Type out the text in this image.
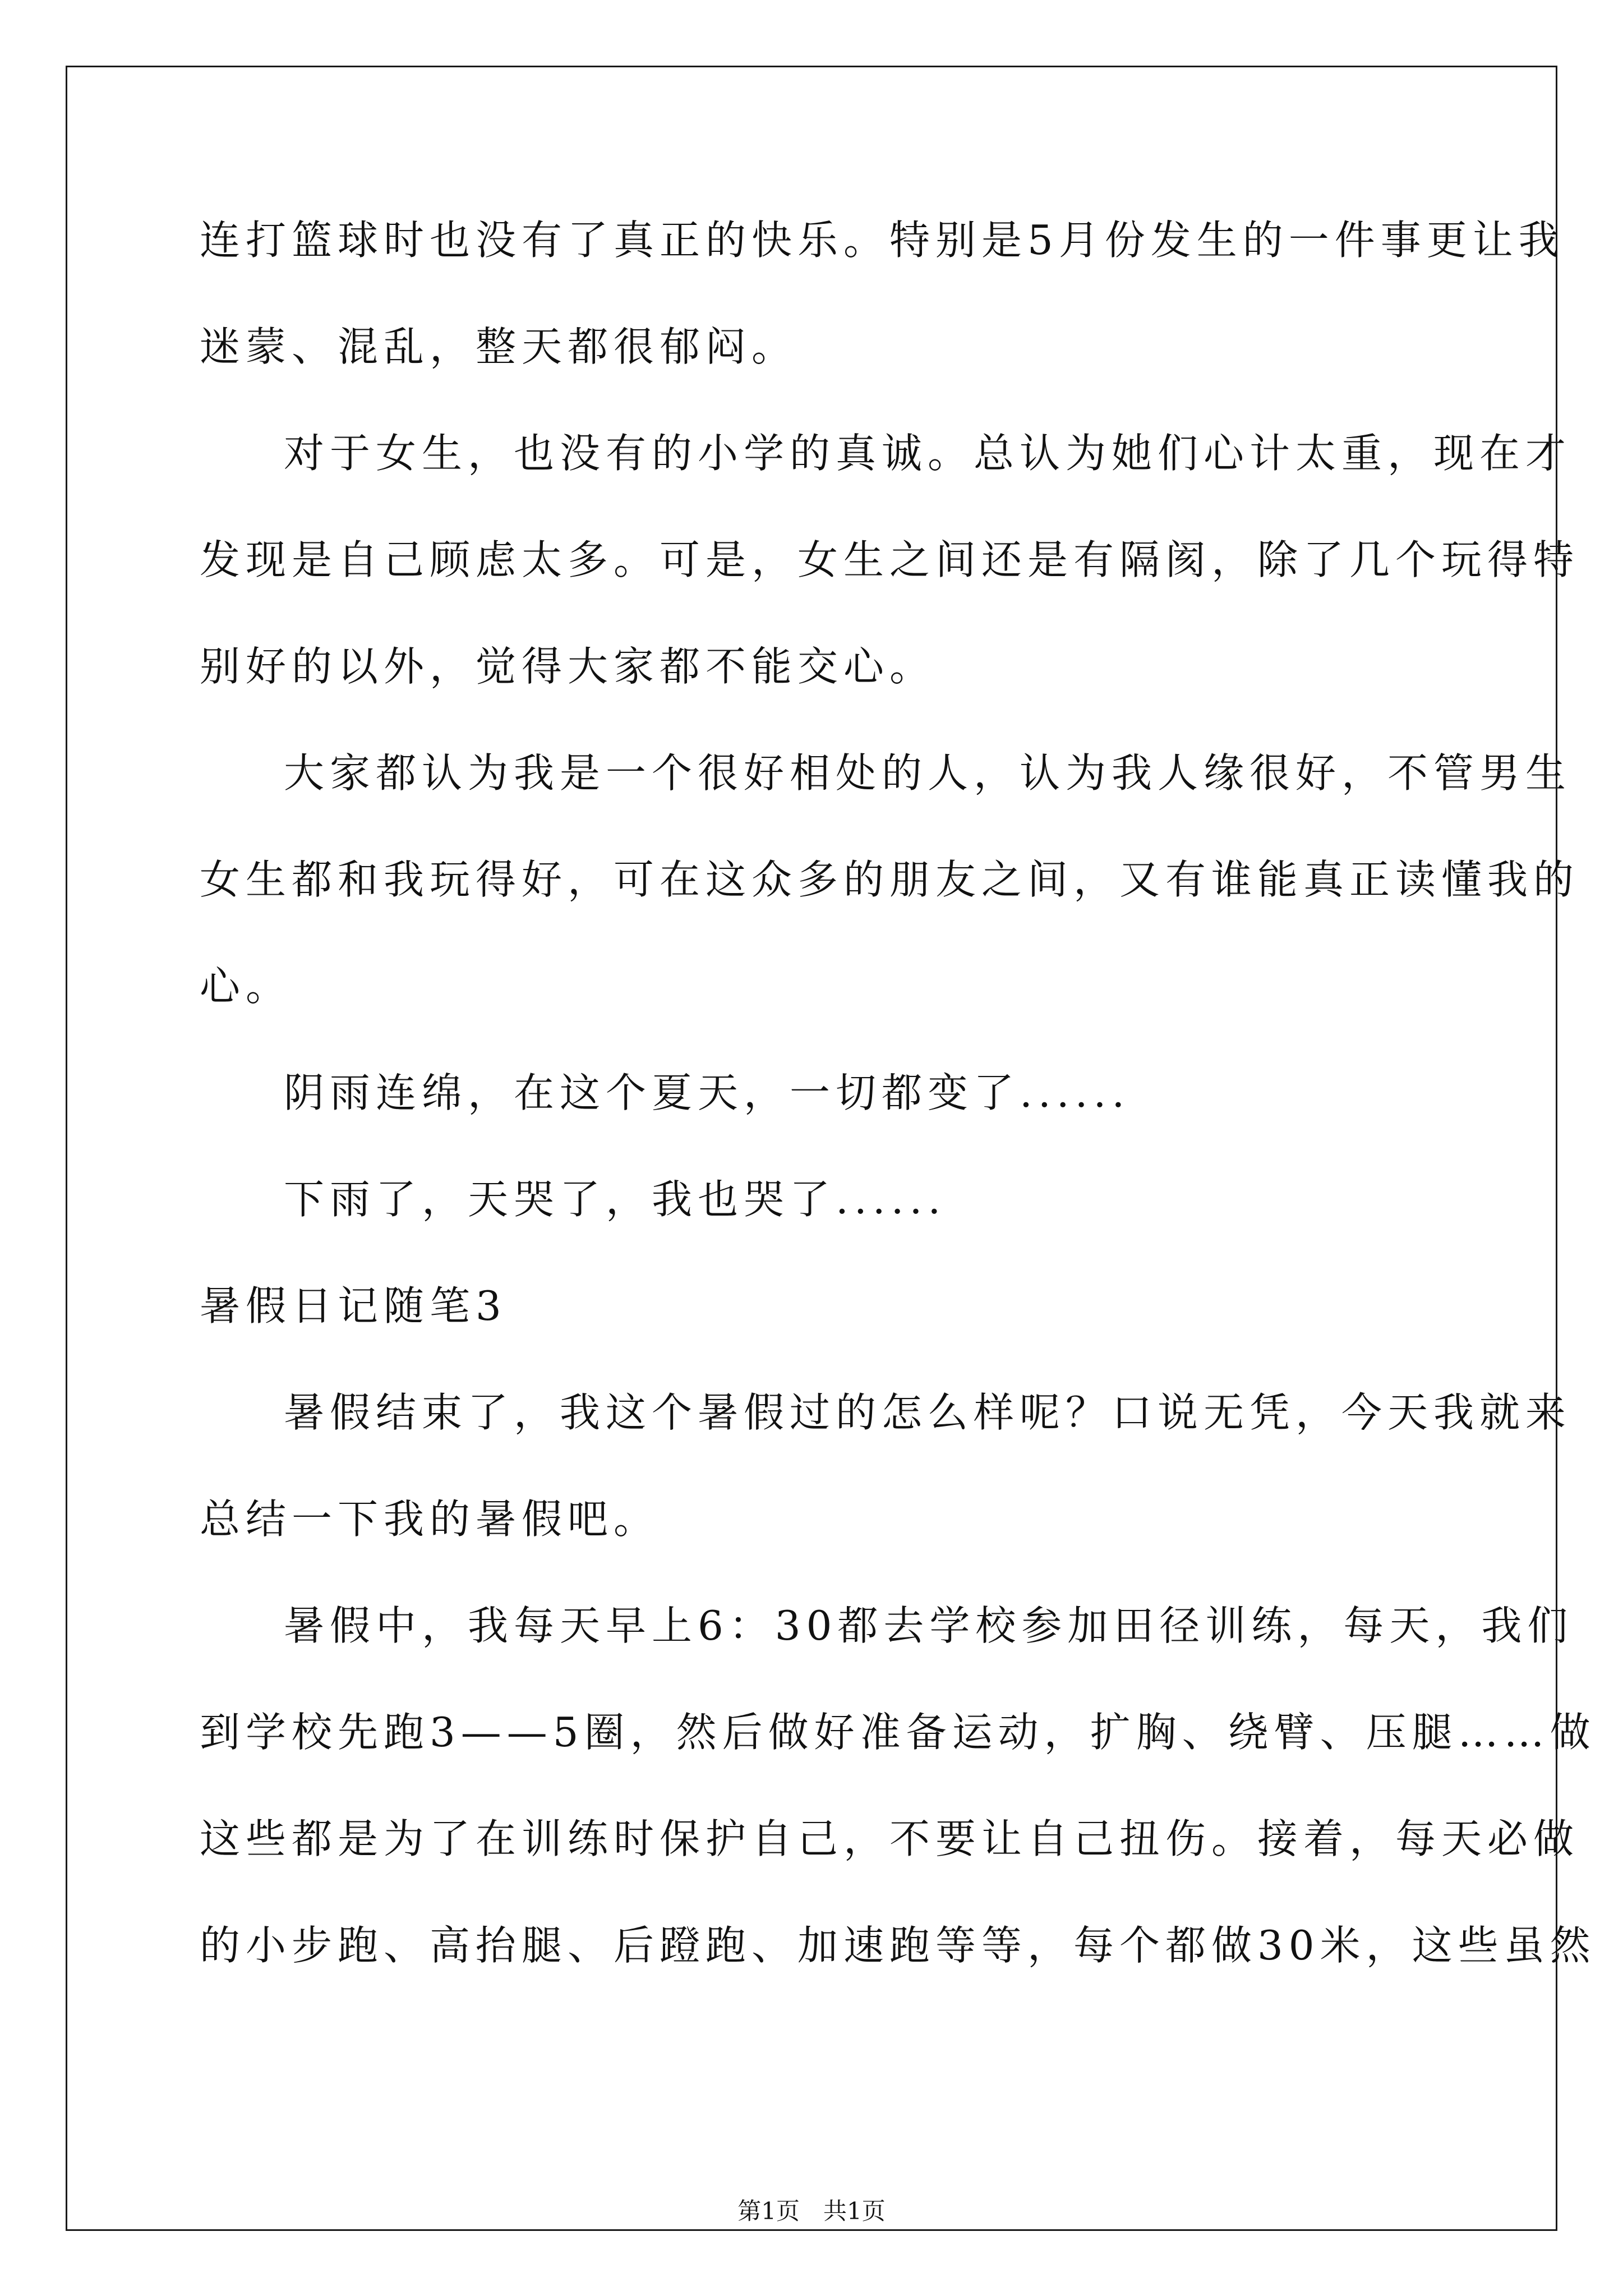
连打篮球时也没有了真正的快乐。特别是5月份发生的一件事更让我
迷蒙、混乱，整天都很郁闷。
对于女生，也没有的小学的真诚。总认为她们心计太重，现在才
发现是自己顾虑太多。可是，女生之间还是有隔阂，除了几个玩得特
别好的以外，觉得大家都不能交心。
大家都认为我是一个很好相处的人，认为我人缘很好，不管男生
女生都和我玩得好，可在这众多的朋友之间，又有谁能真正读懂我的
心。
阴雨连绵，在这个夏天，一切都变了......
下雨了，天哭了，我也哭了......
暑假日记随笔3
暑假结束了，我这个暑假过的怎么样呢？口说无凭，今天我就来
总结一下我的暑假吧。
暑假中，我每天早上6：30都去学校参加田径训练，每天，我们
到学校先跑3——5圈，然后做好准备运动，扩胸、绕臂、压腿……做
这些都是为了在训练时保护自己，不要让自己扭伤。接着，每天必做
的小步跑、高抬腿、后蹬跑、加速跑等等，每个都做30米，这些虽然
第1页　共1页
